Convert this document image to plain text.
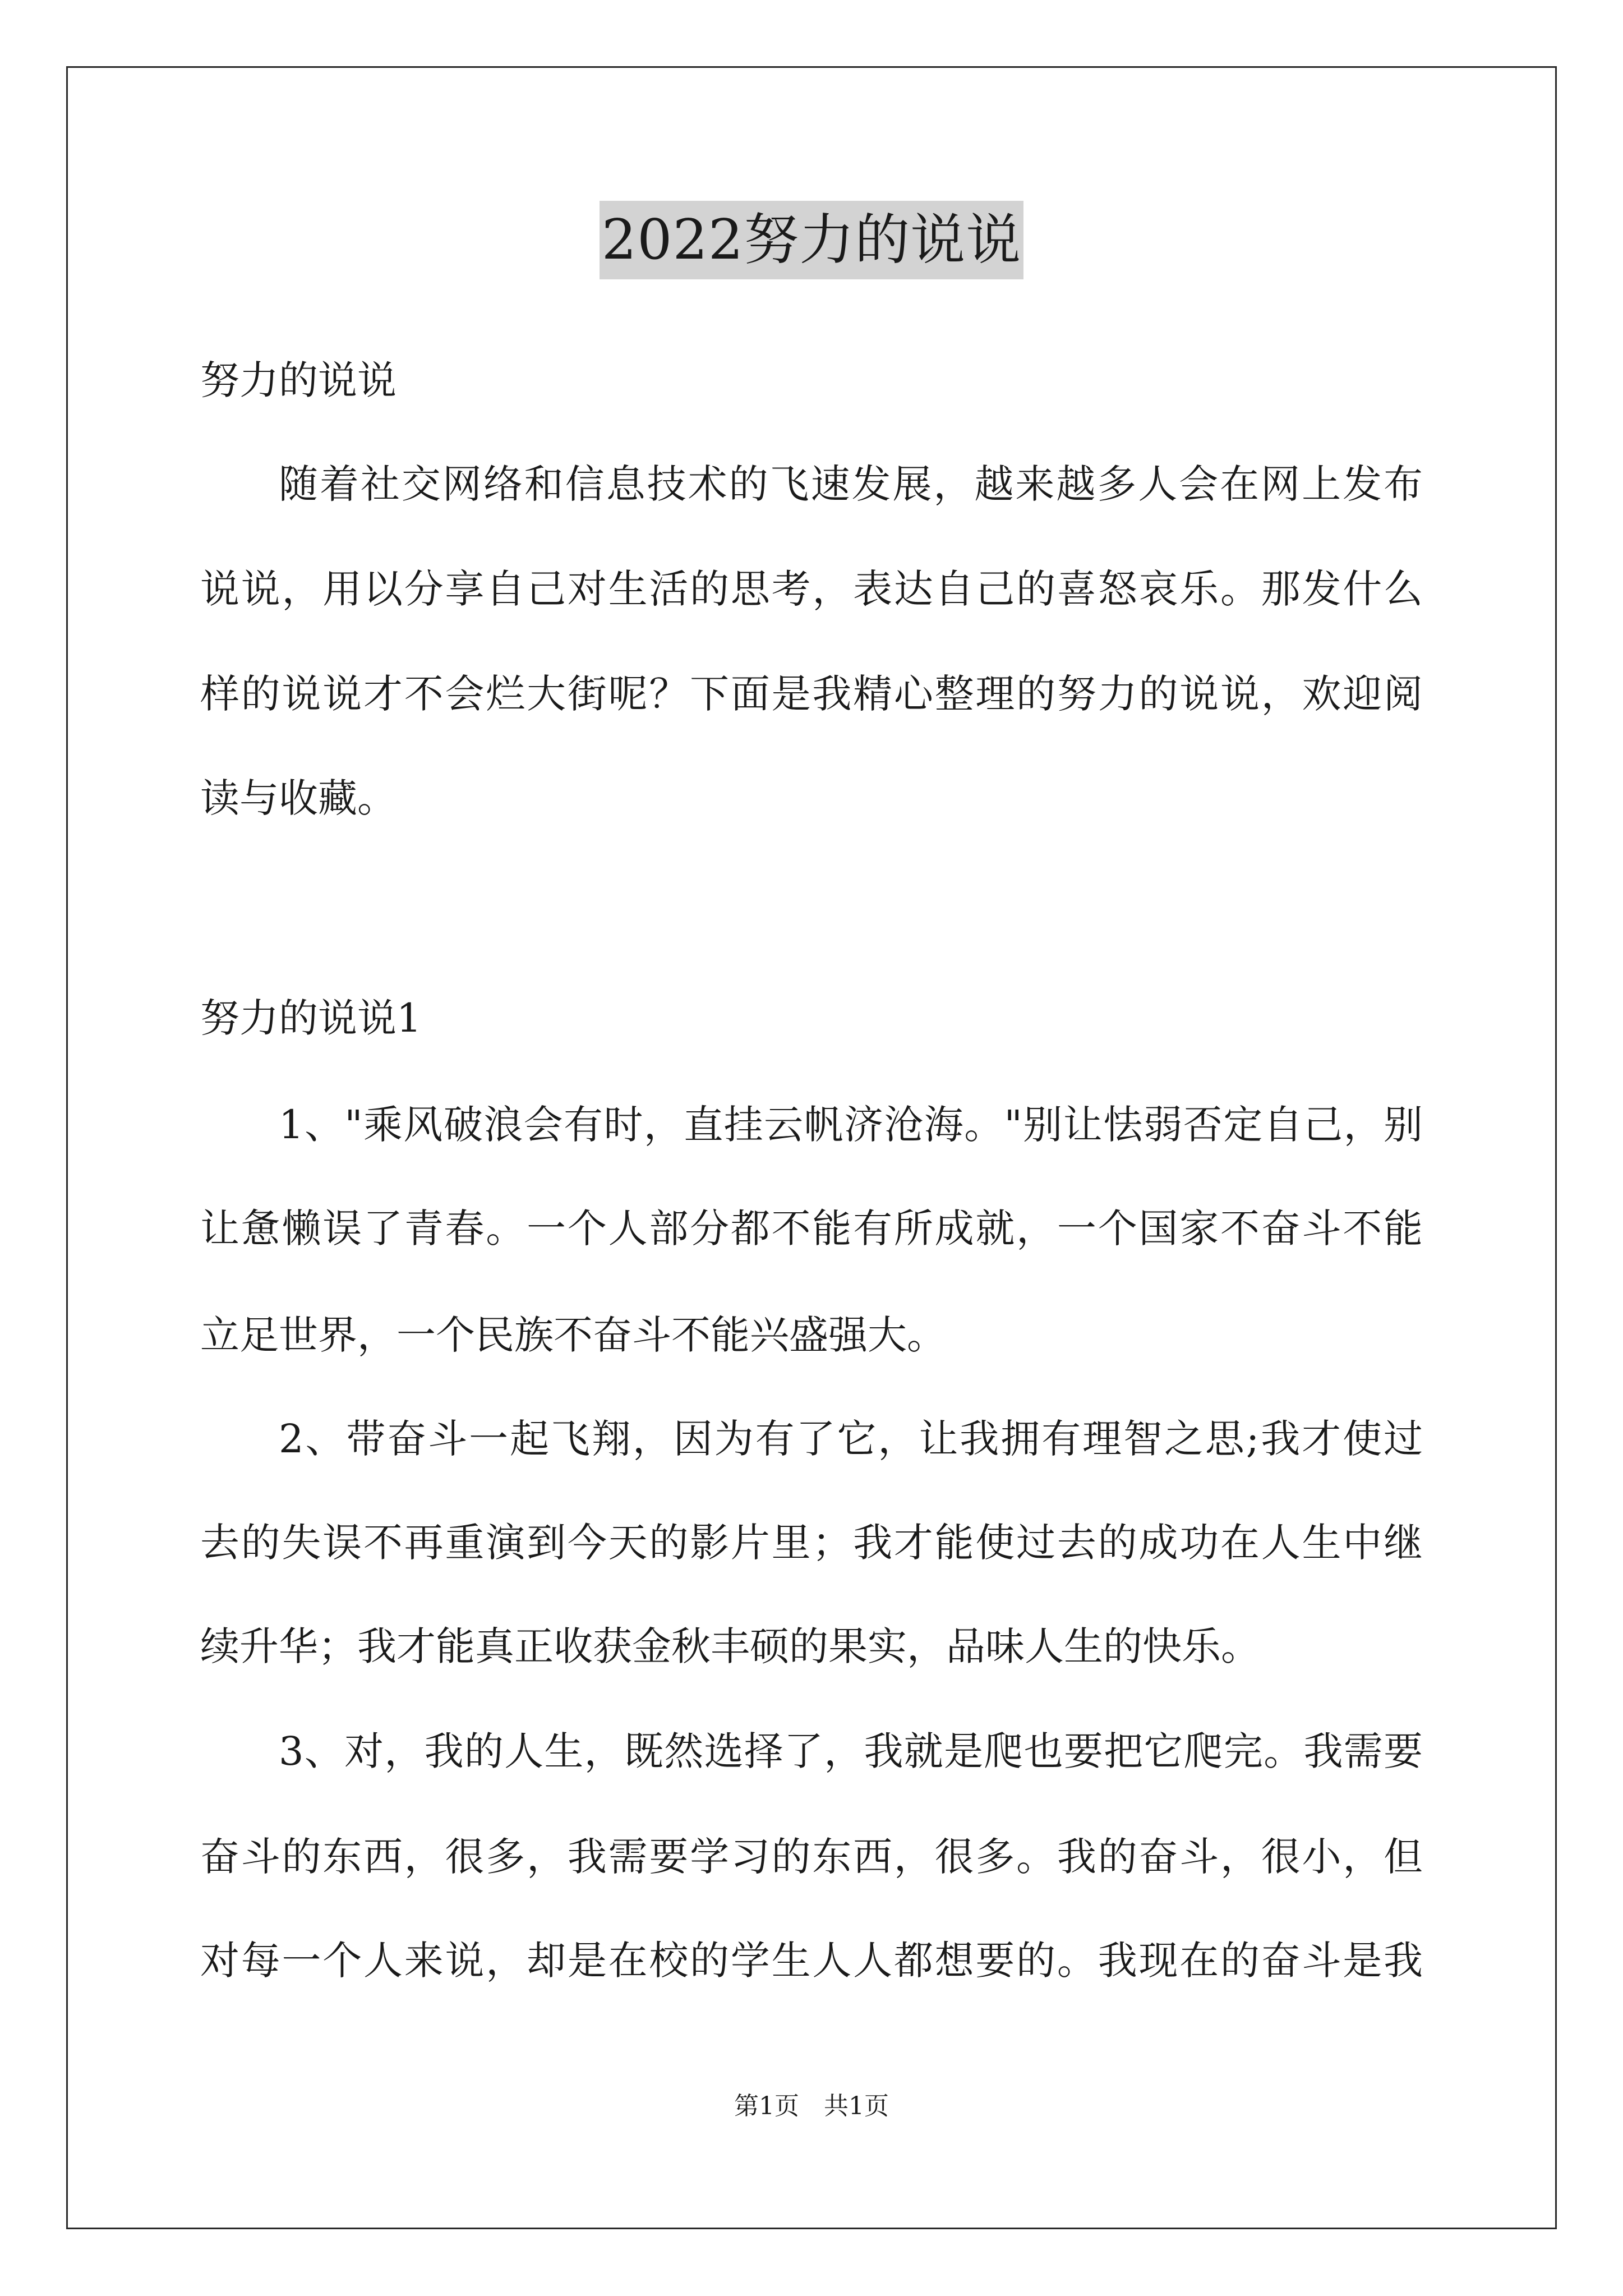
2022努力的说说
努力的说说
随着社交网络和信息技术的飞速发展，越来越多人会在网上发布
说说，用以分享自己对生活的思考，表达自己的喜怒哀乐。那发什么
样的说说才不会烂大街呢？下面是我精心整理的努力的说说，欢迎阅
读与收藏。
努力的说说1
1、"乘风破浪会有时，直挂云帆济沧海。"别让怯弱否定自己，别
让惫懒误了青春。一个人部分都不能有所成就，一个国家不奋斗不能
立足世界，一个民族不奋斗不能兴盛强大。
2、带奋斗一起飞翔，因为有了它，让我拥有理智之思;我才使过
去的失误不再重演到今天的影片里；我才能使过去的成功在人生中继
续升华；我才能真正收获金秋丰硕的果实，品味人生的快乐。
3、对，我的人生，既然选择了，我就是爬也要把它爬完。我需要
奋斗的东西，很多，我需要学习的东西，很多。我的奋斗，很小，但
对每一个人来说，却是在校的学生人人都想要的。我现在的奋斗是我
第1页　共1页
